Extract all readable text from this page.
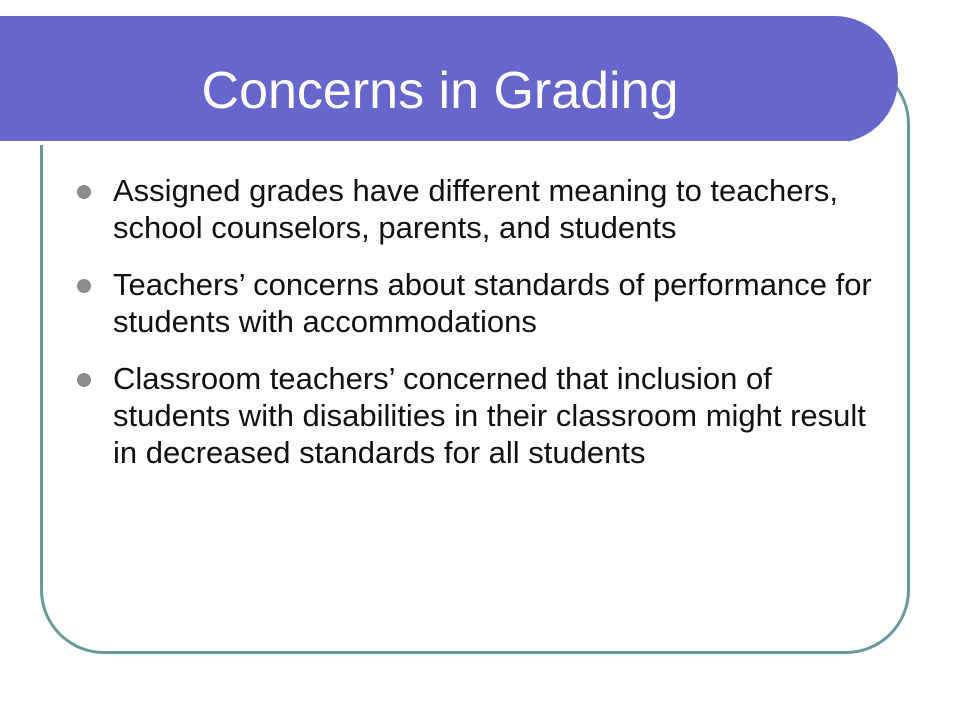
Concerns in Grading
Assigned grades have different meaning to teachers, school counselors, parents, and students
Teachers’ concerns about standards of performance for students with accommodations
Classroom teachers’ concerned that inclusion of students with disabilities in their classroom might result in decreased standards for all students
